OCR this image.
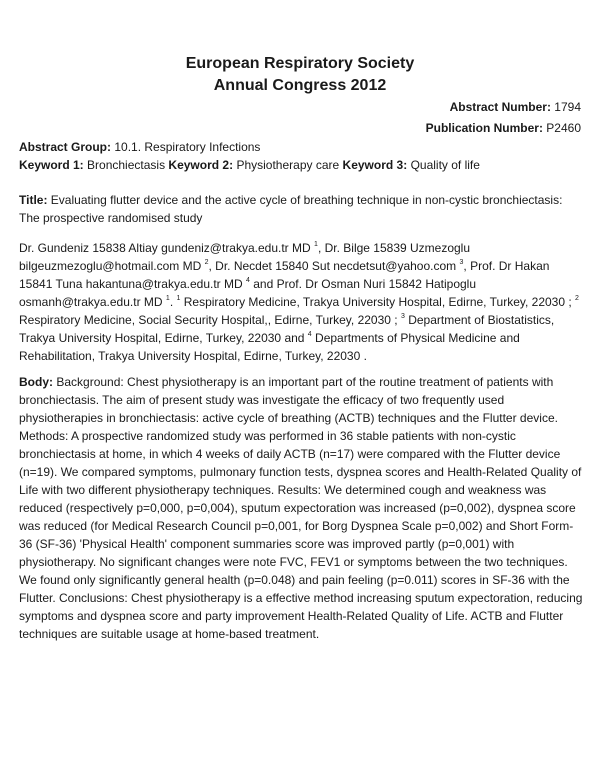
European Respiratory Society
Annual Congress 2012
Abstract Number: 1794
Publication Number: P2460
Abstract Group: 10.1. Respiratory Infections
Keyword 1: Bronchiectasis Keyword 2: Physiotherapy care Keyword 3: Quality of life
Title: Evaluating flutter device and the active cycle of breathing technique in non-cystic bronchiectasis: The prospective randomised study
Dr. Gundeniz 15838 Altiay gundeniz@trakya.edu.tr MD $^1$, Dr. Bilge 15839 Uzmezoglu bilgeuzmezoglu@hotmail.com MD $^2$, Dr. Necdet 15840 Sut necdetsut@yahoo.com $^3$, Prof. Dr Hakan 15841 Tuna hakantuna@trakya.edu.tr MD $^4$ and Prof. Dr Osman Nuri 15842 Hatipoglu osmanh@trakya.edu.tr MD $^1$. $^1$ Respiratory Medicine, Trakya University Hospital, Edirne, Turkey, 22030 ; $^2$ Respiratory Medicine, Social Security Hospital,, Edirne, Turkey, 22030 ; $^3$ Department of Biostatistics, Trakya University Hospital, Edirne, Turkey, 22030 and $^4$ Departments of Physical Medicine and Rehabilitation, Trakya University Hospital, Edirne, Turkey, 22030 .
Body: Background: Chest physiotherapy is an important part of the routine treatment of patients with bronchiectasis. The aim of present study was investigate the efficacy of two frequently used physiotherapies in bronchiectasis: active cycle of breathing (ACTB) techniques and the Flutter device. Methods: A prospective randomized study was performed in 36 stable patients with non-cystic bronchiectasis at home, in which 4 weeks of daily ACTB (n=17) were compared with the Flutter device (n=19). We compared symptoms, pulmonary function tests, dyspnea scores and Health-Related Quality of Life with two different physiotherapy techniques. Results: We determined cough and weakness was reduced (respectively p=0,000, p=0,004), sputum expectoration was increased (p=0,002), dyspnea score was reduced (for Medical Research Council p=0,001, for Borg Dyspnea Scale p=0,002) and Short Form-36 (SF-36) 'Physical Health' component summaries score was improved partly (p=0,001) with physiotherapy. No significant changes were note FVC, FEV1 or symptoms between the two techniques. We found only significantly general health (p=0.048) and pain feeling (p=0.011) scores in SF-36 with the Flutter. Conclusions: Chest physiotherapy is a effective method increasing sputum expectoration, reducing symptoms and dyspnea score and party improvement Health-Related Quality of Life. ACTB and Flutter techniques are suitable usage at home-based treatment.
